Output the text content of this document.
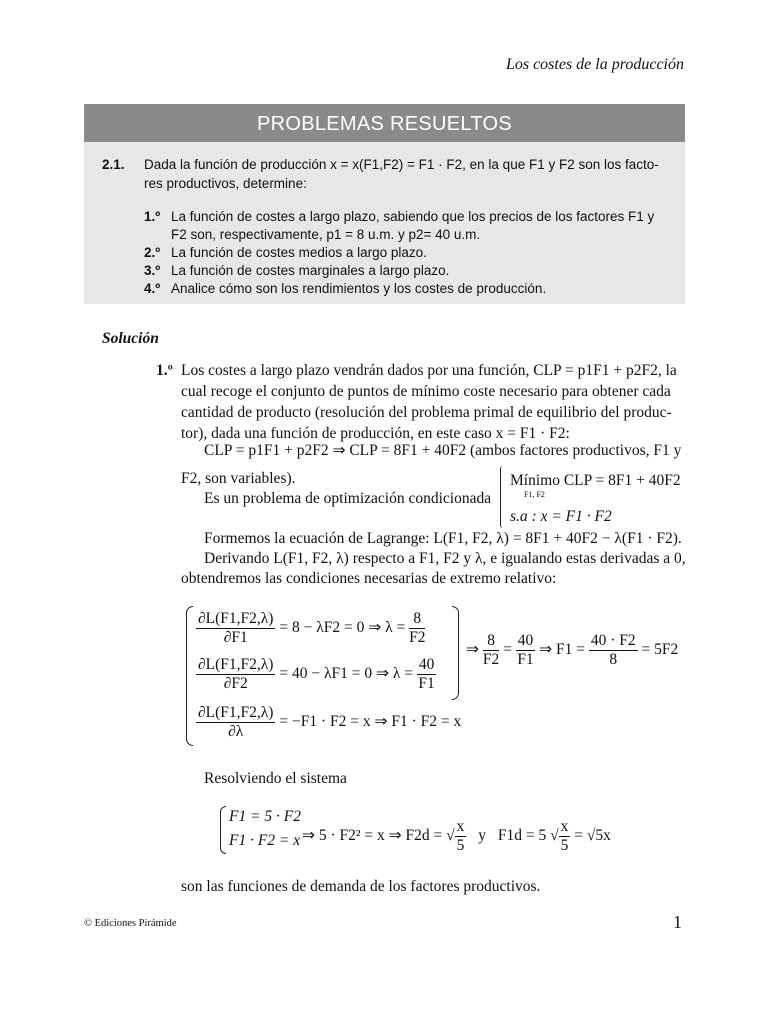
Los costes de la producción
PROBLEMAS RESUELTOS
2.1. Dada la función de producción x = x(F1,F2) = F1 · F2, en la que F1 y F2 son los facto-
res productivos, determine:
1.º La función de costes a largo plazo, sabiendo que los precios de los factores F1 y
F2 son, respectivamente, p1 = 8 u.m. y p2= 40 u.m.
2.º La función de costes medios a largo plazo.
3.º La función de costes marginales a largo plazo.
4.º Analice cómo son los rendimientos y los costes de producción.
Solución
1.º Los costes a largo plazo vendrán dados por una función, CLP = p1F1 + p2F2, la
cual recoge el conjunto de puntos de mínimo coste necesario para obtener cada
cantidad de producto (resolución del problema primal de equilibrio del produc-
tor), dada una función de producción, en este caso x = F1 · F2:
CLP = p1F1 + p2F2 ⇒ CLP = 8F1 + 40F2 (ambos factores productivos, F1 y
F2, son variables).
Es un problema de optimización condicionada
Mínimo CLP = 8F1 + 40F2
F1, F2
s.a : x = F1 · F2
Formemos la ecuación de Lagrange: L(F1, F2, λ) = 8F1 + 40F2 − λ(F1 · F2).
Derivando L(F1, F2, λ) respecto a F1, F2 y λ, e igualando estas derivadas a 0,
obtendremos las condiciones necesarias de extremo relativo:
$\frac{\partial L(F1,F2,\lambda)}{\partial F1} = 8 - \lambda F2 = 0$ ⇒ $\lambda = \frac{8}{F2}$
$\frac{\partial L(F1,F2,\lambda)}{\partial F2} = 40 - \lambda F1 = 0$ ⇒ $\lambda = \frac{40}{F1}$
$\frac{\partial L(F1,F2,\lambda)}{\partial\lambda} = -F1 \cdot F2 = x$ ⇒ F1 · F2 = x
⇒ $\frac{8}{F2} = \frac{40}{F1}$ ⇒ $F1 = \frac{40 \cdot F2}{8} = 5F2$
Resolviendo el sistema
F1 = 5 · F2
F1 · F2 = x ⇒ 5 · F2² = x ⇒ F2d = √ $\frac{x}{5}$ y F1d = 5 √ $\frac{x}{5} = √5x$
son las funciones de demanda de los factores productivos.
© Ediciones Pirámide	1
